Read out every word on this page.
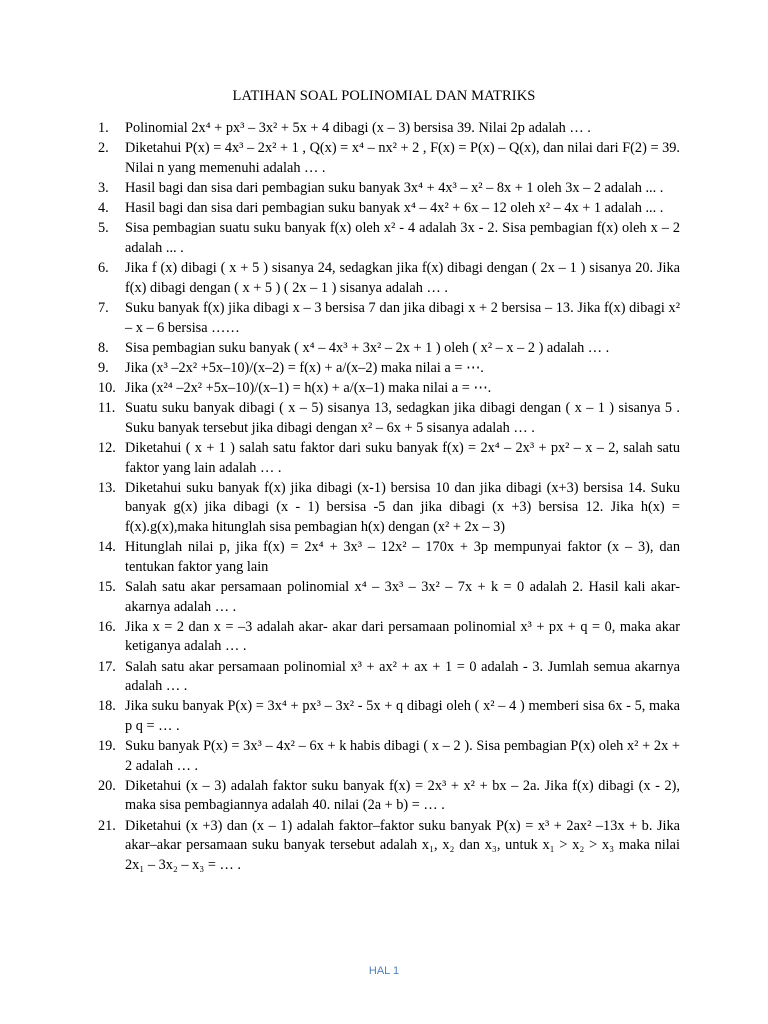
LATIHAN SOAL POLINOMIAL DAN MATRIKS
1. Polinomial 2x⁴ + px³ – 3x² + 5x + 4 dibagi (x – 3) bersisa 39. Nilai 2p adalah … .
2. Diketahui P(x) = 4x³ – 2x² + 1 , Q(x) = x⁴ – nx² + 2 , F(x) = P(x) – Q(x), dan nilai dari F(2) = 39. Nilai n yang memenuhi adalah … .
3. Hasil bagi dan sisa dari pembagian suku banyak 3x⁴ + 4x³ – x² – 8x + 1 oleh 3x – 2 adalah ... .
4. Hasil bagi dan sisa dari pembagian suku banyak x⁴ – 4x² + 6x – 12 oleh x² – 4x + 1 adalah ... .
5. Sisa pembagian suatu suku banyak f(x) oleh x² - 4 adalah 3x - 2. Sisa pembagian f(x) oleh x – 2 adalah ... .
6. Jika f (x) dibagi ( x + 5 ) sisanya 24, sedagkan jika f(x) dibagi dengan ( 2x – 1 ) sisanya 20. Jika f(x) dibagi dengan ( x + 5 ) ( 2x – 1 ) sisanya adalah … .
7. Suku banyak f(x) jika dibagi x – 3 bersisa 7 dan jika dibagi x + 2 bersisa – 13. Jika f(x) dibagi x² – x – 6 bersisa ……
8. Sisa pembagian suku banyak ( x⁴ – 4x³ + 3x² – 2x + 1 ) oleh ( x² – x – 2 ) adalah … .
9. Jika (x³ –2x² +5x–10)/(x–2) = f(x) + a/(x–2) maka nilai a = ⋯.
10. Jika (x²⁴ –2x² +5x–10)/(x–1) = h(x) + a/(x–1) maka nilai a = ⋯.
11. Suatu suku banyak dibagi ( x – 5) sisanya 13, sedagkan jika dibagi dengan ( x – 1 ) sisanya 5 . Suku banyak tersebut jika dibagi dengan x² – 6x + 5 sisanya adalah … .
12. Diketahui ( x + 1 ) salah satu faktor dari suku banyak f(x) = 2x⁴ – 2x³ + px² – x – 2, salah satu faktor yang lain adalah … .
13. Diketahui suku banyak f(x) jika dibagi (x-1) bersisa 10 dan jika dibagi (x+3) bersisa 14. Suku banyak g(x) jika dibagi (x - 1) bersisa -5 dan jika dibagi (x +3) bersisa 12. Jika h(x) = f(x).g(x),maka hitunglah sisa pembagian h(x) dengan (x² + 2x – 3)
14. Hitunglah nilai p, jika f(x) = 2x⁴ + 3x³ – 12x² – 170x + 3p mempunyai faktor (x – 3), dan tentukan faktor yang lain
15. Salah satu akar persamaan polinomial x⁴ – 3x³ – 3x² – 7x + k = 0 adalah 2. Hasil kali akar- akarnya adalah … .
16. Jika x = 2 dan x = –3 adalah akar- akar dari persamaan polinomial x³ + px + q = 0, maka akar ketiganya adalah … .
17. Salah satu akar persamaan polinomial x³ + ax² + ax + 1 = 0 adalah - 3. Jumlah semua akarnya adalah … .
18. Jika suku banyak P(x) = 3x⁴ + px³ – 3x² - 5x + q dibagi oleh ( x² – 4 ) memberi sisa 6x - 5, maka p q = … .
19. Suku banyak P(x) = 3x³ – 4x² – 6x + k habis dibagi ( x – 2 ). Sisa pembagian P(x) oleh x² + 2x + 2 adalah … .
20. Diketahui (x – 3) adalah faktor suku banyak f(x) = 2x³ + x² + bx – 2a. Jika f(x) dibagi (x - 2), maka sisa pembagiannya adalah 40. nilai (2a + b) = … .
21. Diketahui (x +3) dan (x – 1) adalah faktor–faktor suku banyak P(x) = x³ + 2ax² –13x + b. Jika akar–akar persamaan suku banyak tersebut adalah x₁, x₂ dan x₃, untuk x₁ > x₂ > x₃ maka nilai 2x₁ – 3x₂ – x₃ = … .
HAL 1
